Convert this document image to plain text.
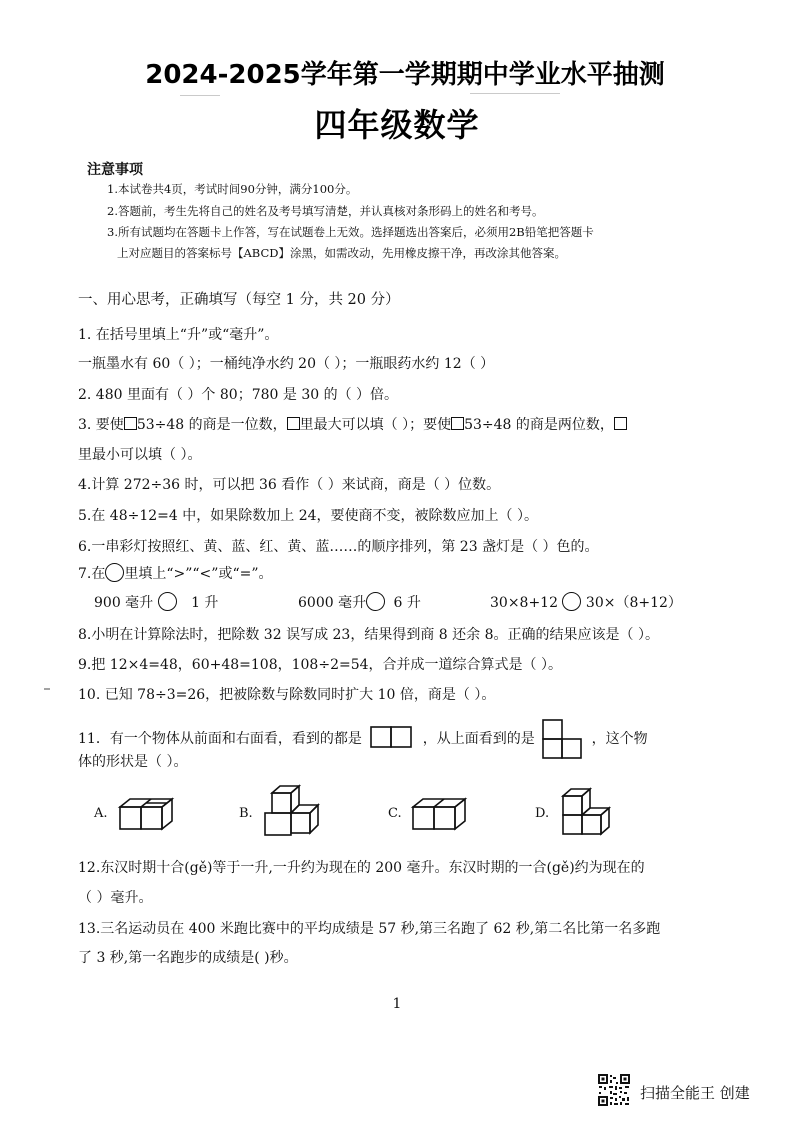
2024-2025学年第一学期期中学业水平抽测
四年级数学
注意事项
1.本试卷共4页，考试时间90分钟，满分100分。
2.答题前，考生先将自己的姓名及考号填写清楚，并认真核对条形码上的姓名和考号。
3.所有试题均在答题卡上作答，写在试题卷上无效。选择题选出答案后，必须用2B铅笔把答题卡
上对应题目的答案标号【ABCD】涂黑，如需改动，先用橡皮擦干净，再改涂其他答案。
一、用心思考，正确填写（每空 1 分，共 20 分）
1. 在括号里填上“升”或“毫升”。
一瓶墨水有 60（ ）；一桶纯净水约 20（ ）；一瓶眼药水约 12（ ）
2. 480 里面有（ ）个 80；780 是 30 的（ ）倍。
3. 要使 53÷48 的商是一位数， 里最大可以填（ ）；要使 53÷48 的商是两位数，
里最小可以填（ ）。
4.计算 272÷36 时，可以把 36 看作（ ）来试商，商是（ ）位数。
5.在 48÷12=4 中，如果除数加上 24，要使商不变，被除数应加上（ ）。
6.一串彩灯按照红、黄、蓝、红、黄、蓝……的顺序排列，第 23 盏灯是（ ）色的。
7.在 里填上“>”“<”或“=”。
900 毫升	1 升	6000 毫升 6 升	30×8+12 30×（8+12）
8.小明在计算除法时，把除数 32 误写成 23，结果得到商 8 还余 8。正确的结果应该是（ ）。
9.把 12×4=48，60+48=108，108÷2=54，合并成一道综合算式是（ ）。
10. 已知 78÷3=26，把被除数与除数同时扩大 10 倍，商是（ ）。
11．有一个物体从前面和右面看，看到的都是	，从上面看到的是	，这个物
体的形状是（ ）。
A.	B.	C.	D.
12.东汉时期十合(gě)等于一升,一升约为现在的 200 毫升。东汉时期的一合(gě)约为现在的
（ ）毫升。
13.三名运动员在 400 米跑比赛中的平均成绩是 57 秒,第三名跑了 62 秒,第二名比第一名多跑
了 3 秒,第一名跑步的成绩是( )秒。
1
扫描全能王 创建
